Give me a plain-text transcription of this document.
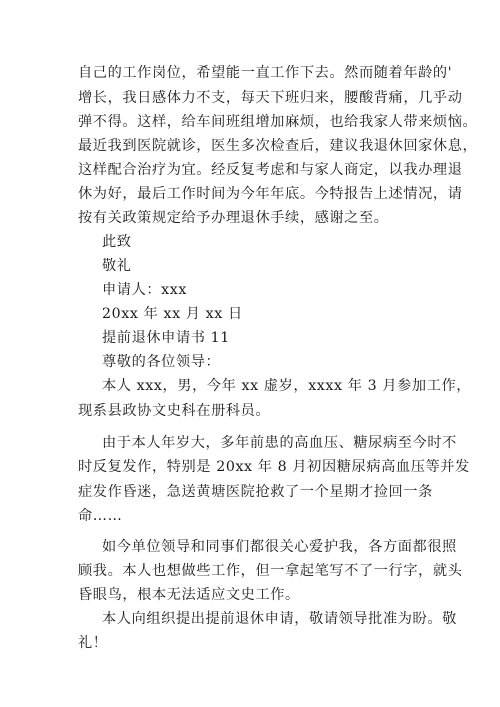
自己的工作岗位，希望能一直工作下去。然而随着年龄的'
增长，我日感体力不支，每天下班归来，腰酸背痛，几乎动
弹不得。这样，给车间班组增加麻烦，也给我家人带来烦恼。
最近我到医院就诊，医生多次检查后，建议我退休回家休息，
这样配合治疗为宜。经反复考虑和与家人商定，以我办理退
休为好，最后工作时间为今年年底。今特报告上述情况，请
按有关政策规定给予办理退休手续，感谢之至。
此致
敬礼
申请人：xxx
20xx 年 xx 月 xx 日
提前退休申请书 11
尊敬的各位领导：
本人 xxx，男，今年 xx 虚岁，xxxx 年 3 月参加工作，
现系县政协文史科在册科员。
由于本人年岁大，多年前患的高血压、糖尿病至今时不
时反复发作，特别是 20xx 年 8 月初因糖尿病高血压等并发
症发作昏迷，急送黄塘医院抢救了一个星期才捡回一条
命……
如今单位领导和同事们都很关心爱护我，各方面都很照
顾我。本人也想做些工作，但一拿起笔写不了一行字，就头
昏眼鸟，根本无法适应文史工作。
本人向组织提出提前退休申请，敬请领导批准为盼。敬
礼！
